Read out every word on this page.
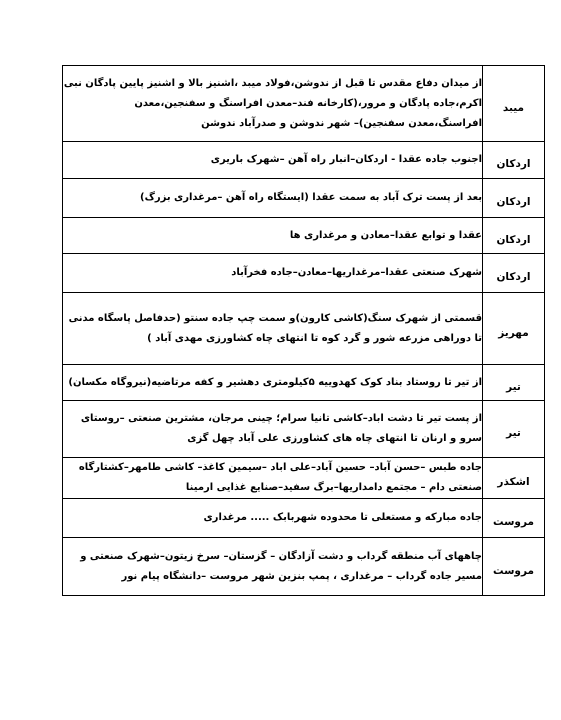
میبد	از میدان دفاع مقدس تا قبل از ندوشن،فولاد میبد ،اشنیز بالا و اشنیز پایین پادگان نبی اکرم،جاده پادگان و مرور،(کارخانه فند–معدن افراسنگ و سفنجین،معدن افراسنگ،معدن سفنجین)– شهر ندوشن و صدرآباد ندوشن

اردکان	اجنوب جاده عقدا - اردکان–انبار راه آهن –شهرک باریری

اردکان	بعد از پست ترک آباد به سمت عقدا (ایستگاه راه آهن –مرغداری بزرگ)

اردکان	عقدا و توابع عقدا–معادن و مرغداری ها

اردکان	شهرک صنعتی عقدا–مرغداریها–معادن–جاده فخرآباد

مهریز	قسمتی از شهرک سنگ(کاشی کارون)و سمت چپ جاده سنتو (حدفاصل پاسگاه مدنی تا دوراهی مزرعه شور و گرد کوه تا انتهای چاه کشاورزی مهدی آباد )

تیر	از تیر تا روستاد بناد کوک کهدوییه ۵کیلومتری دهشیر و کفه مرتاضیه(نیروگاه مکسان)

تیر	از پست تیر تا دشت اباد–کاشی تانیا سرام؛ چینی مرجان، مشترین صنعتی –روستای سرو و ارنان تا انتهای چاه های کشاورزی علی آباد چهل گزی

اشکذر	جاده طبس –حسن آباد– حسین آباد–علی اباد –سیمین کاغذ– کاشی طامهر–کشتارگاه صنعتی دام – مجتمع دامداریها–برگ سفید–صنایع غذایی ارمینا

مروست	جاده مبارکه و مستعلی تا محدوده شهربابک ..... مرغداری

مروست	چاههای آب منطقه گرداب و دشت آزادگان – گزستان– سرخ زیتون–شهرک صنعتی و مسیر جاده گرداب – مرغداری ، پمپ بنزین شهر مروست –دانشگاه پیام نور
